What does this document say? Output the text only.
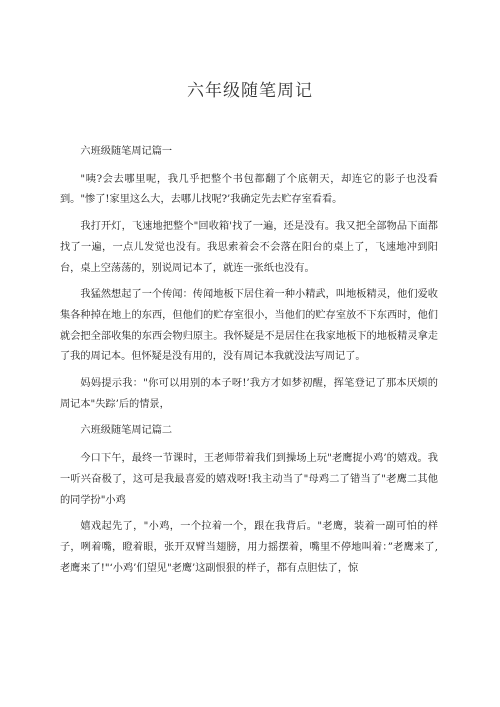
六年级随笔周记

六班级随笔周记篇一

"咦?会去哪里呢，我几乎把整个书包都翻了个底朝天，却连它的影子也没看到。"惨了!家里这么大，去哪儿找呢?’我确定先去贮存室看看。

我打开灯，飞速地把整个"回收箱'找了一遍，还是没有。我又把全部物品下面都找了一遍，一点儿发觉也没有。我思索着会不会落在阳台的桌上了，飞速地冲到阳台，桌上空荡荡的，别说周记本了，就连一张纸也没有。

我猛然想起了一个传闻：传闻地板下居住着一种小精武，叫地板精灵，他们爱收集各种掉在地上的东西，但他们的贮存室很小，当他们的贮存室放不下东西时，他们就会把全部收集的东西会物归原主。我怀疑是不是居住在我家地板下的地板精灵拿走了我的周记本。但怀疑是没有用的，没有周记本我就没法写周记了。

妈妈提示我："你可以用别的本子呀!’我方才如梦初醒，挥笔登记了那本厌烦的周记本"失踪’后的情景，

六班级随笔周记篇二

今口下午，最终一节课时，王老师带着我们到操场上玩"老鹰捉小鸡’的嬉戏。我一听兴奋极了，这可是我最喜爱的嬉戏呀!我主动当了"母鸡二了错当了"老鹰二其他的同学扮"小鸡

嬉戏起先了，"小鸡，一个拉着一个，跟在我背后。"老鹰，装着一副可怕的样子，咧着嘴，瞪着眼，张开双臂当翅膀，用力摇摆着，嘴里不停地叫着：”老鹰来了,老鹰来了!"‘小鸡’们望见"老鹰’这副恨狠的样子，都有点胆怯了，惊
